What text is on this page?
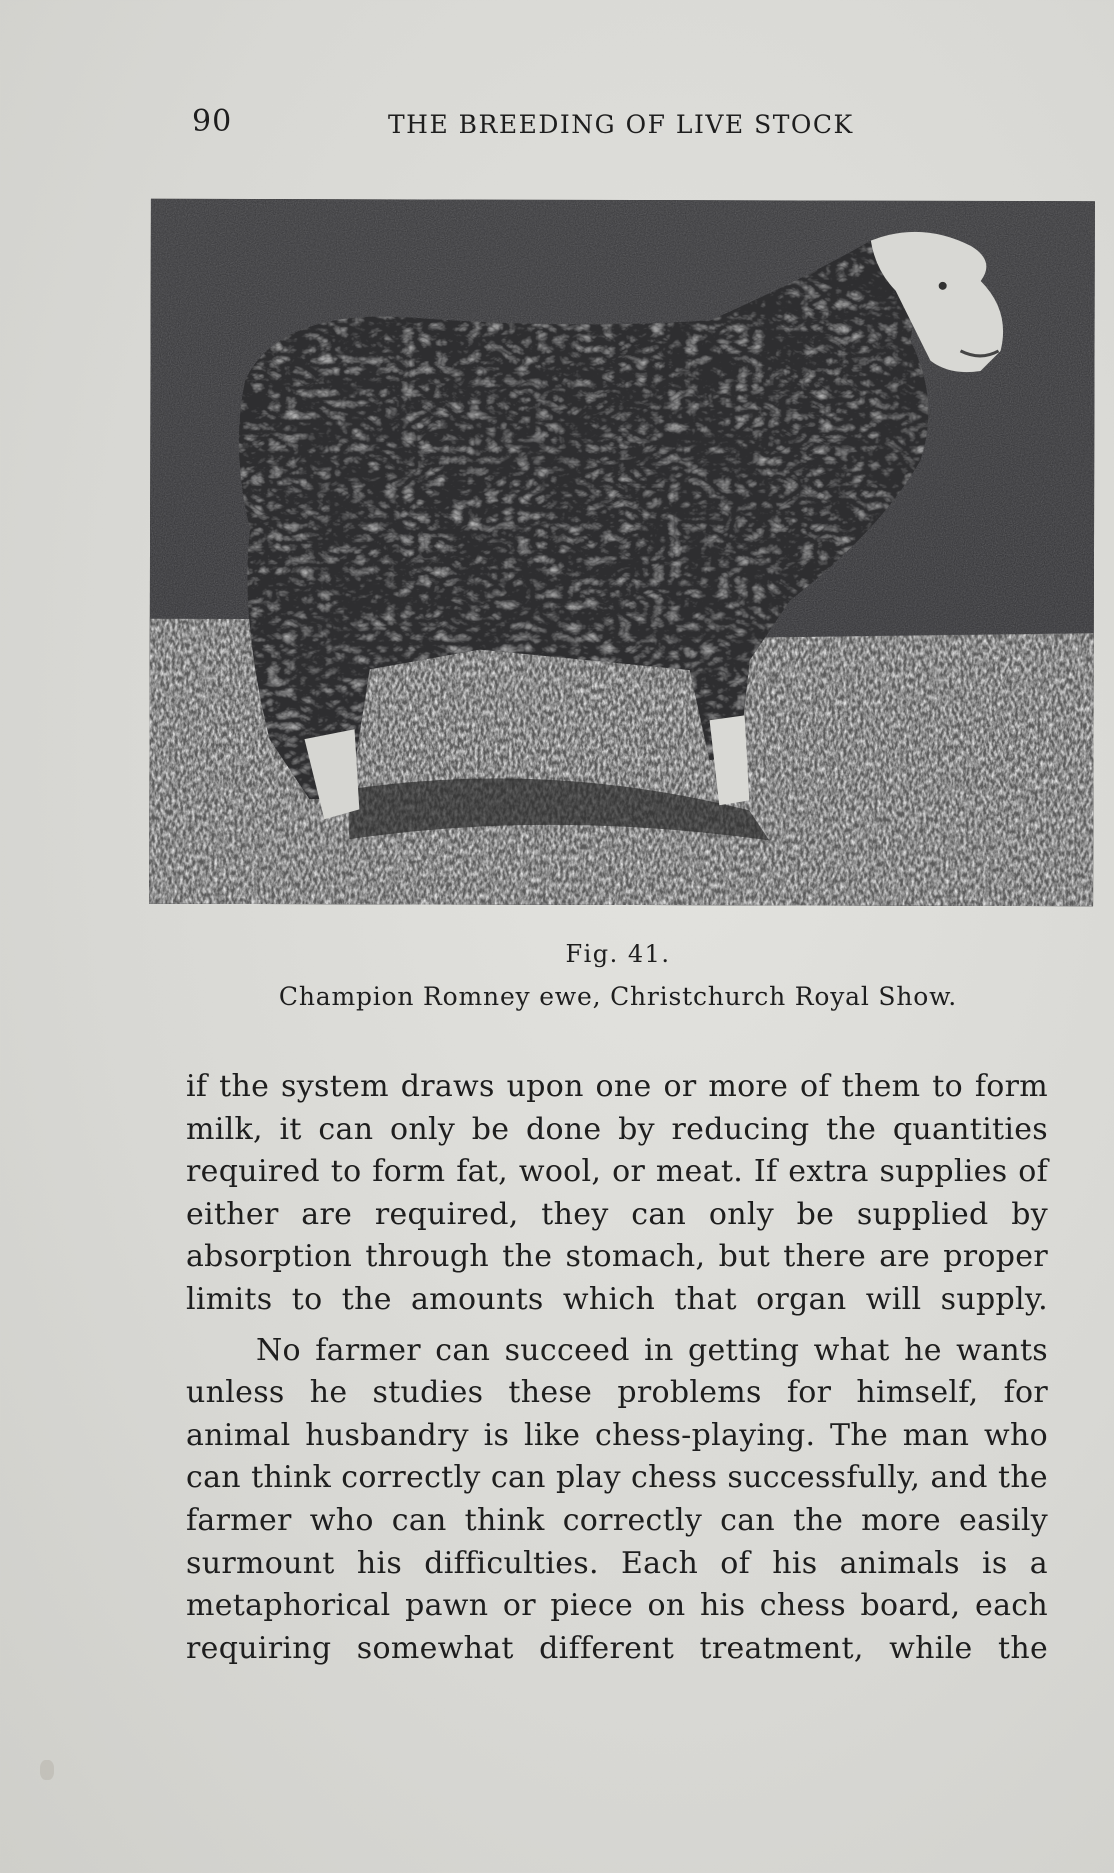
90	THE BREEDING OF LIVE STOCK
Fig. 41.
Champion Romney ewe, Christchurch Royal Show.

if the system draws upon one or more of them to form milk, it can only be done by reducing the quantities required to form fat, wool, or meat. If extra supplies of either are required, they can only be supplied by absorption through the stomach, but there are proper limits to the amounts which that organ will supply.

No farmer can succeed in getting what he wants unless he studies these problems for himself, for animal husbandry is like chess-playing. The man who can think correctly can play chess successfully, and the farmer who can think correctly can the more easily surmount his difficulties. Each of his animals is a metaphorical pawn or piece on his chess board, each requiring somewhat different treatment, while the
